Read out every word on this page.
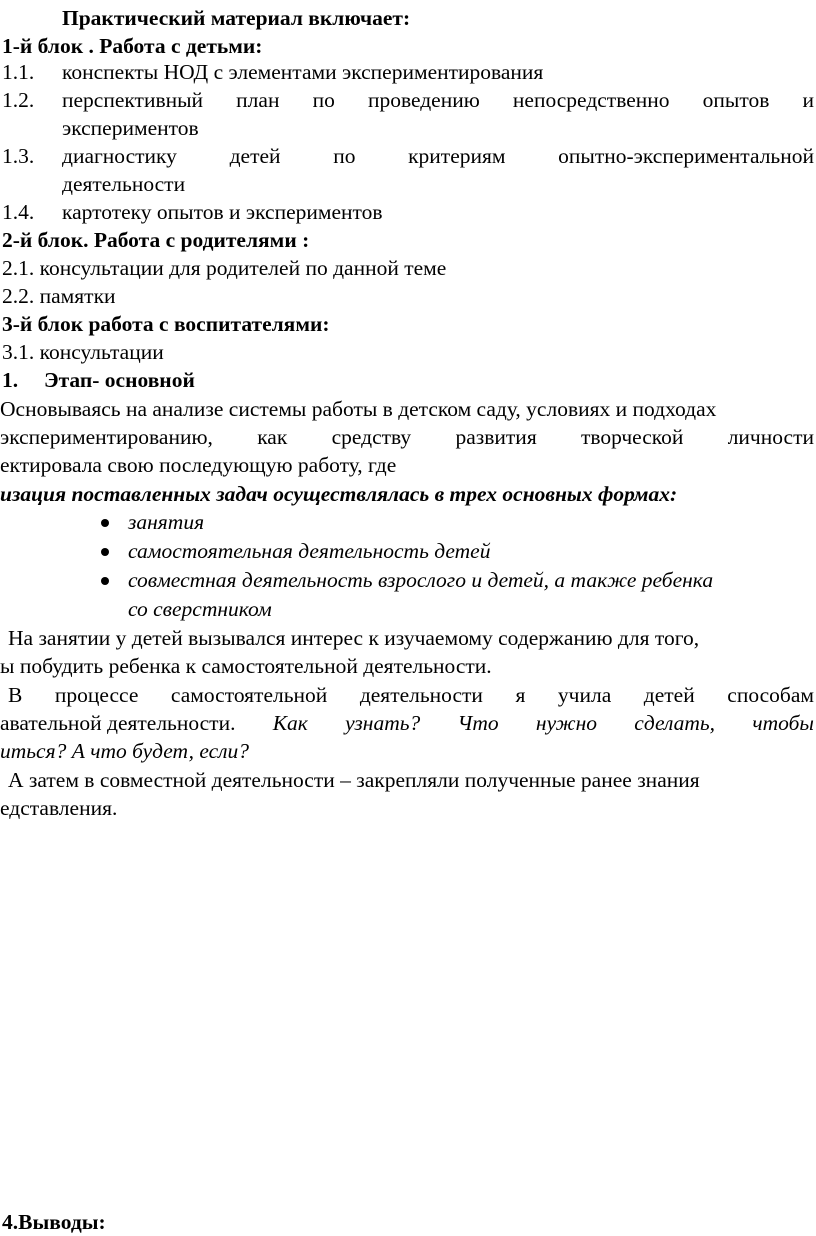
Практический материал включает:
1-й блок . Работа с детьми:
1.1. конспекты НОД с элементами экспериментирования
1.2. перспективный план по проведению непосредственно опытов и
экспериментов
1.3. диагностику детей по критериям опытно-экспериментальной
деятельности
1.4. картотеку опытов и экспериментов
2-й блок. Работа с родителями :
2.1. консультации для родителей по данной теме
2.2. памятки
3-й блок работа с воспитателями:
3.1. консультации
1. Этап- основной
Основываясь на анализе системы работы в детском саду, условиях и подходах
экспериментированию, как средству развития творческой личности
ектировала свою последующую работу, где
изация поставленных задач осуществлялась в трех основных формах:
занятия
самостоятельная деятельность детей
совместная деятельность взрослого и детей, а также ребенка
со сверстником
На занятии у детей вызывался интерес к изучаемому содержанию для того,
ы побудить ребенка к самостоятельной деятельности.
В процессе самостоятельной деятельности я учила детей способам
авательной деятельности. Как узнать? Что нужно сделать, чтобы
иться? А что будет, если?
А затем в совместной деятельности – закрепляли полученные ранее знания
едставления.
4.Выводы:
